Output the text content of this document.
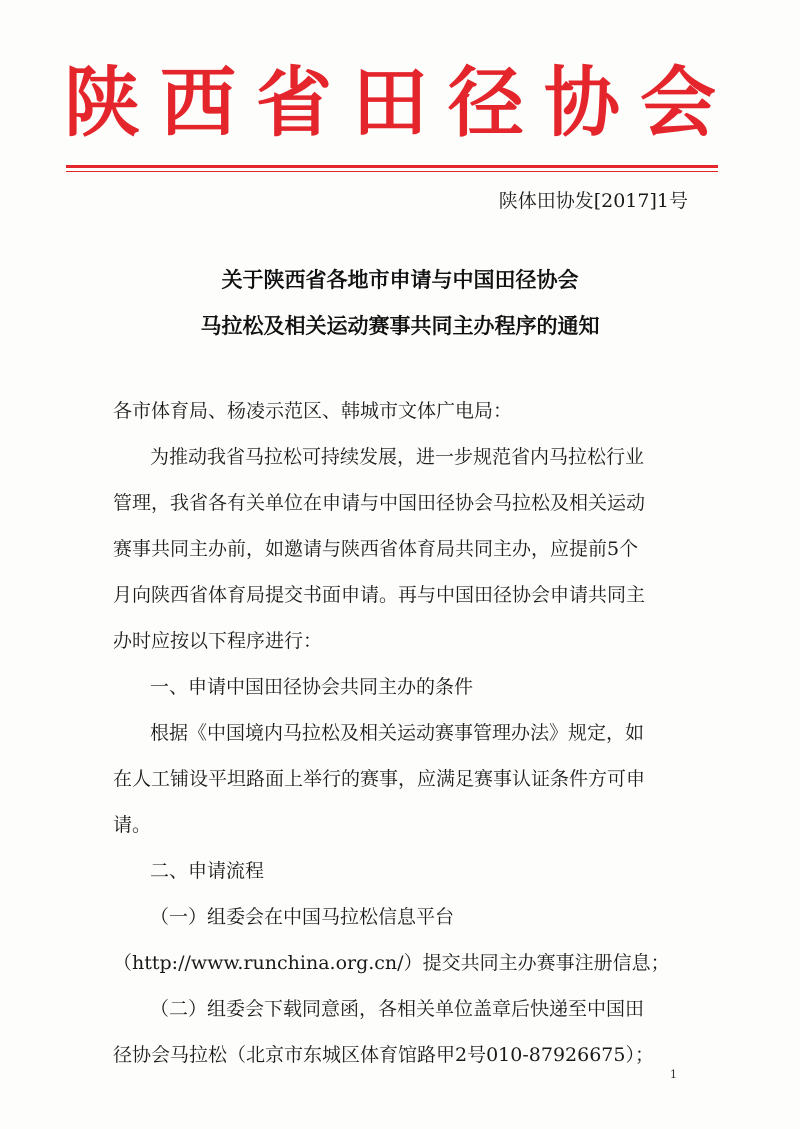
陕西省田径协会
陕体田协发[2017]1号
关于陕西省各地市申请与中国田径协会
马拉松及相关运动赛事共同主办程序的通知
各市体育局、杨凌示范区、韩城市文体广电局：
为推动我省马拉松可持续发展，进一步规范省内马拉松行业
管理，我省各有关单位在申请与中国田径协会马拉松及相关运动
赛事共同主办前，如邀请与陕西省体育局共同主办，应提前5个
月向陕西省体育局提交书面申请。再与中国田径协会申请共同主
办时应按以下程序进行：
一、申请中国田径协会共同主办的条件
根据《中国境内马拉松及相关运动赛事管理办法》规定，如
在人工铺设平坦路面上举行的赛事，应满足赛事认证条件方可申
请。
二、申请流程
（一）组委会在中国马拉松信息平台
（http://www.runchina.org.cn/）提交共同主办赛事注册信息；
（二）组委会下载同意函，各相关单位盖章后快递至中国田
径协会马拉松（北京市东城区体育馆路甲2号010-87926675）；
1
